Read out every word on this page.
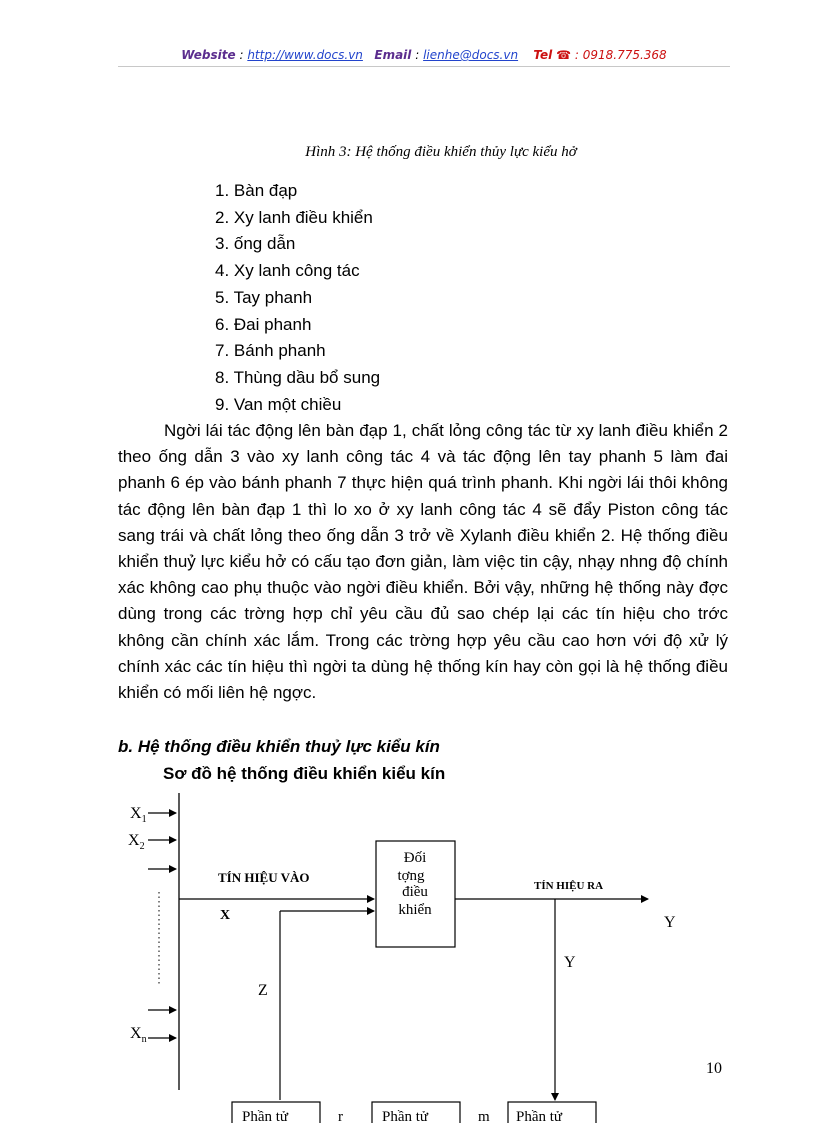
Website : http://www.docs.vn Email : lienhe@docs.vn Tel ☎ : 0918.775.368
Hình 3: Hệ thống điều khiển thủy lực kiểu hở
1. Bàn đạp
2. Xy lanh điều khiển
3. ống dẫn
4. Xy lanh công tác
5. Tay phanh
6. Đai phanh
7. Bánh phanh
8. Thùng dầu bổ sung
9. Van một chiều

Ngời lái tác động lên bàn đạp 1, chất lỏng công tác từ xy lanh điều khiển 2 theo ống dẫn 3 vào xy lanh công tác 4 và tác động lên tay phanh 5 làm đai phanh 6 ép vào bánh phanh 7 thực hiện quá trình phanh. Khi ngời lái thôi không tác động lên bàn đạp 1 thì lo xo ở xy lanh công tác 4 sẽ đẩy Piston công tác sang trái và chất lỏng theo ống dẫn 3 trở về Xylanh điều khiển 2. Hệ thống điều khiển thuỷ lực kiểu hở có cấu tạo đơn giản, làm việc tin cậy, nhạy nhng độ chính xác không cao phụ thuộc vào ngời điều khiển. Bởi vậy, những hệ thống này đợc dùng trong các trờng hợp chỉ yêu cầu đủ sao chép lại các tín hiệu cho trớc không cần chính xác lắm. Trong các trờng hợp yêu cầu cao hơn với độ xử lý chính xác các tín hiệu thì ngời ta dùng hệ thống kín hay còn gọi là hệ thống điều khiển có mối liên hệ ngợc.

b. Hệ thống điều khiển thuỷ lực kiểu kín

Sơ đồ hệ thống điều khiển kiểu kín

$X_1$
$X_2$
$X_n$
TÍN HIỆU VÀO
X
Đối
tợng
điều
khiển
Z
TÍN HIỆU RA
Y
Y
Phần tử	r	Phần tử	m Phần tử
10
